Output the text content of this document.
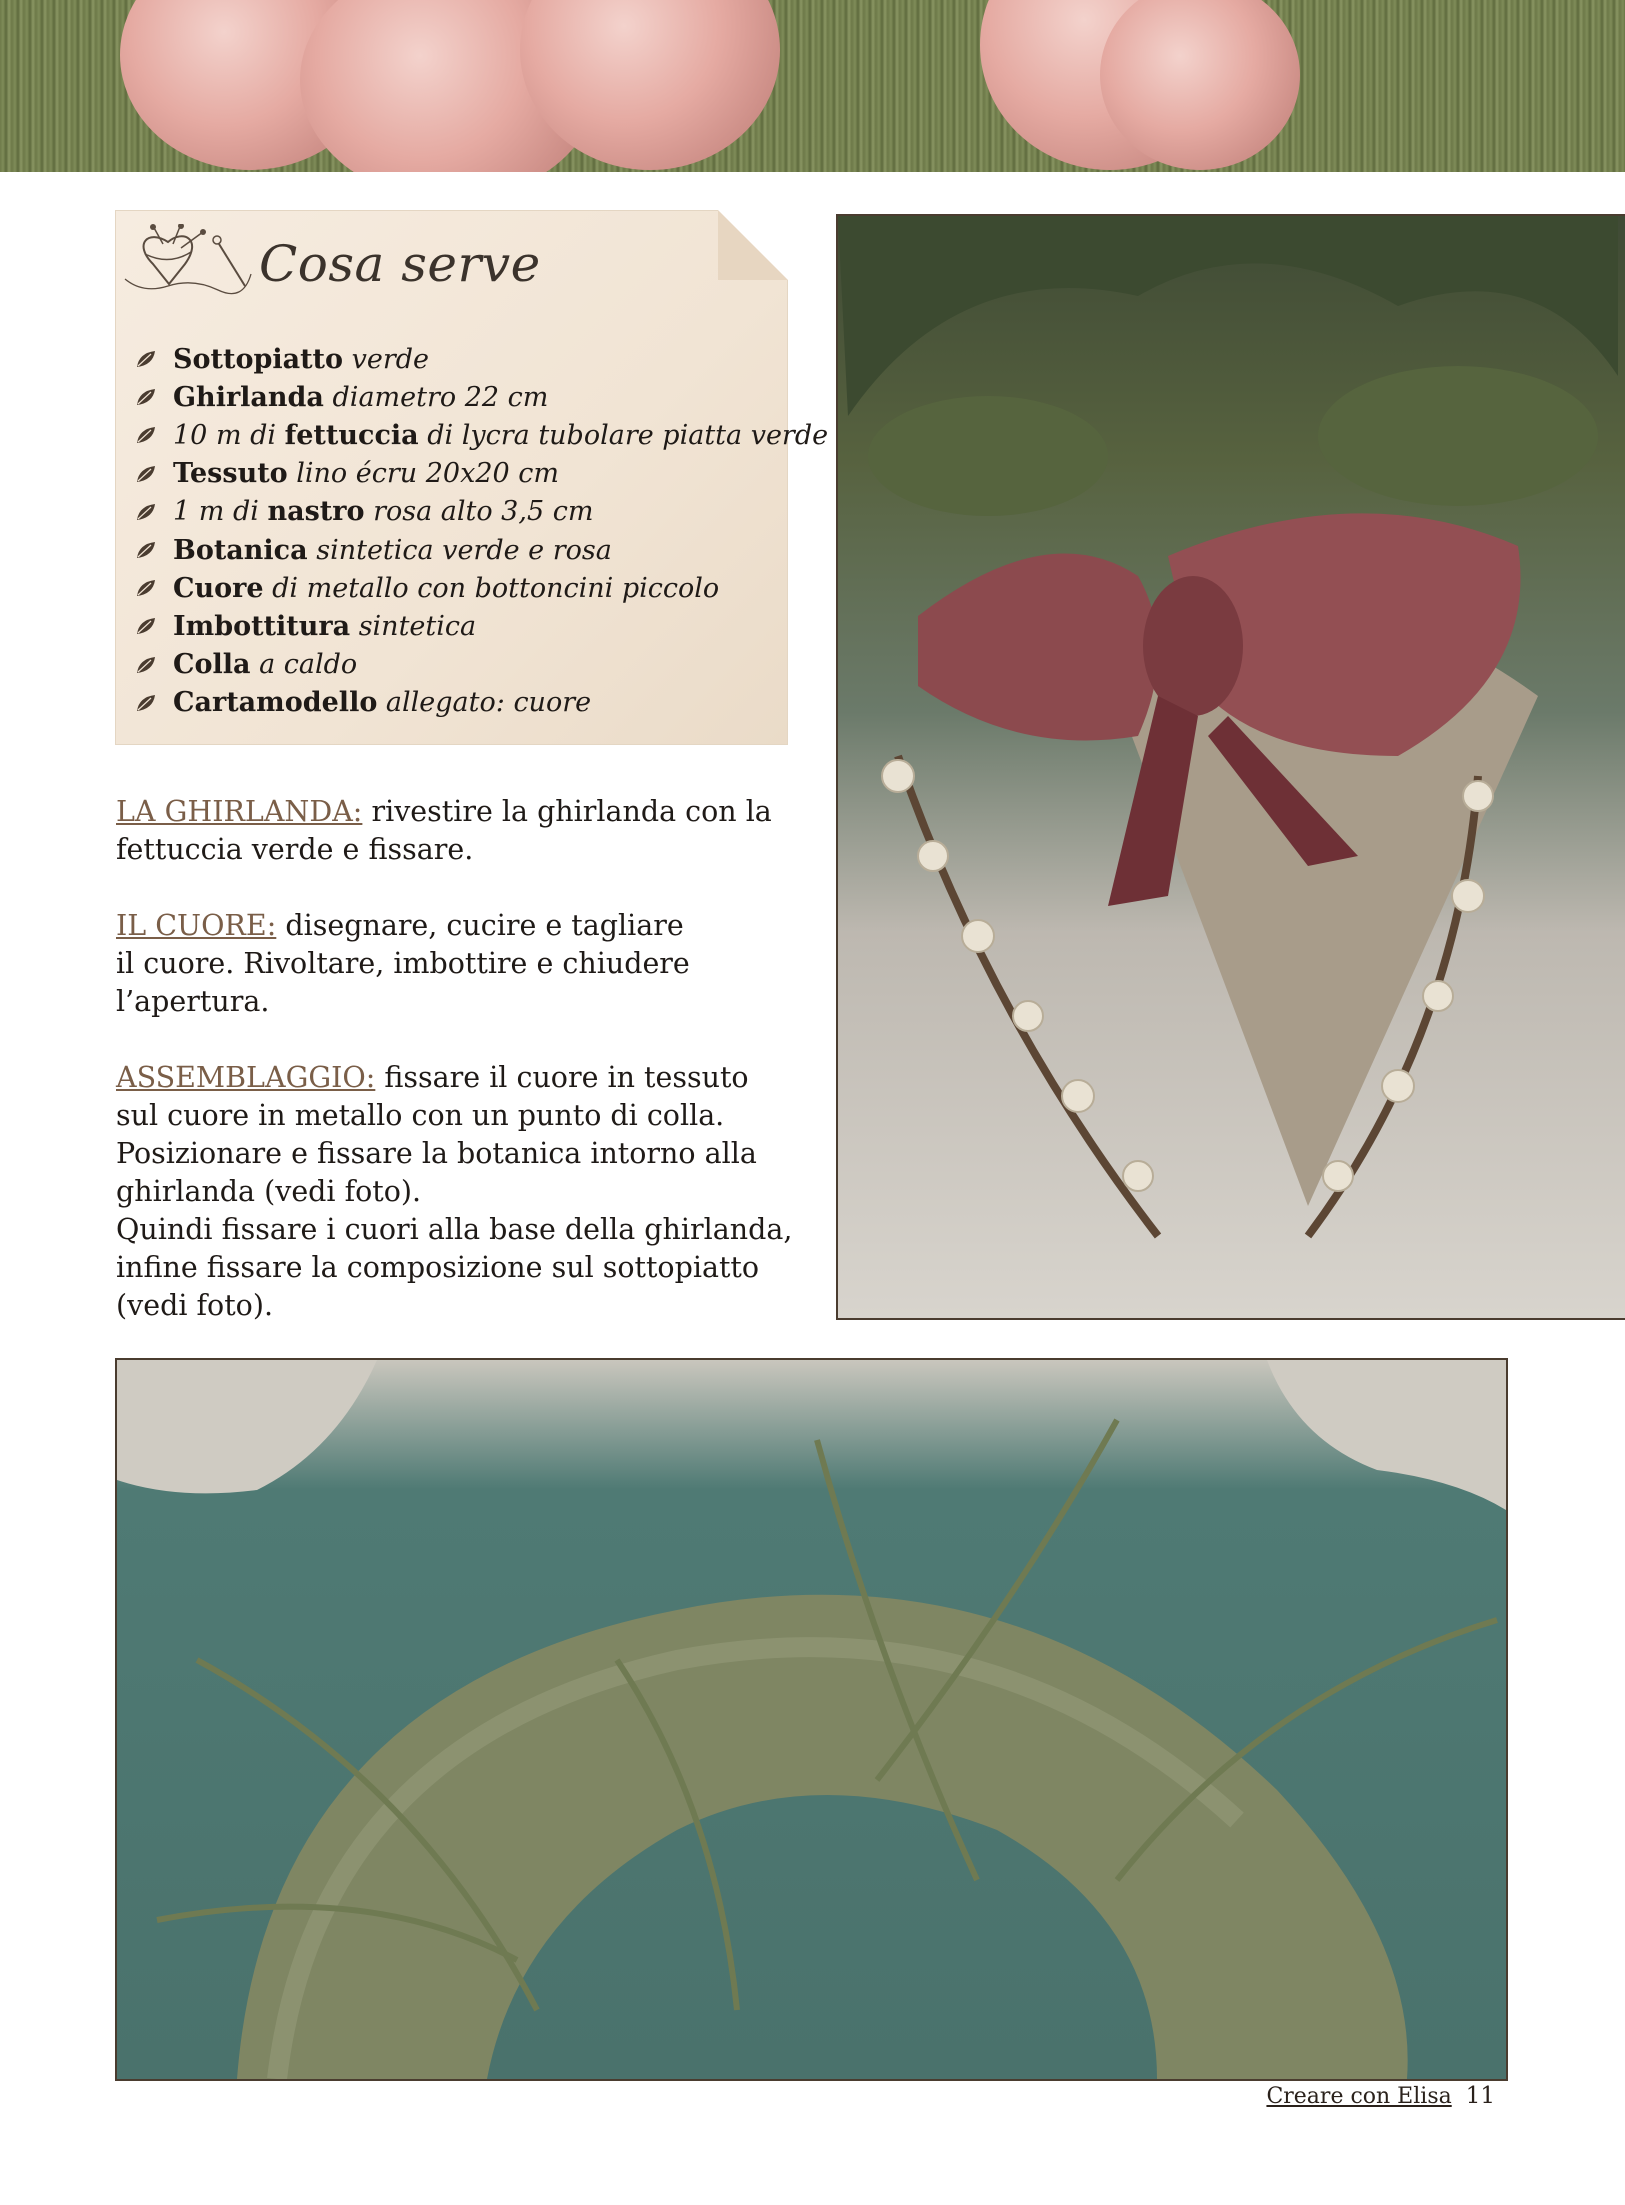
Cosa serve
Sottopiatto verde
Ghirlanda diametro 22 cm
10 m di fettuccia di lycra tubolare piatta verde
Tessuto lino écru 20x20 cm
1 m di nastro rosa alto 3,5 cm
Botanica sintetica verde e rosa
Cuore di metallo con bottoncini piccolo
Imbottitura sintetica
Colla a caldo
Cartamodello allegato: cuore

LA GHIRLANDA: rivestire la ghirlanda con la

fettuccia verde e fissare.

IL CUORE: disegnare, cucire e tagliare

il cuore. Rivoltare, imbottire e chiudere

l’apertura.

ASSEMBLAGGIO: fissare il cuore in tessuto

sul cuore in metallo con un punto di colla.

Posizionare e fissare la botanica intorno alla

ghirlanda (vedi foto).

Quindi fissare i cuori alla base della ghirlanda,

infine fissare la composizione sul sottopiatto

(vedi foto).

Creare con Elisa 11
